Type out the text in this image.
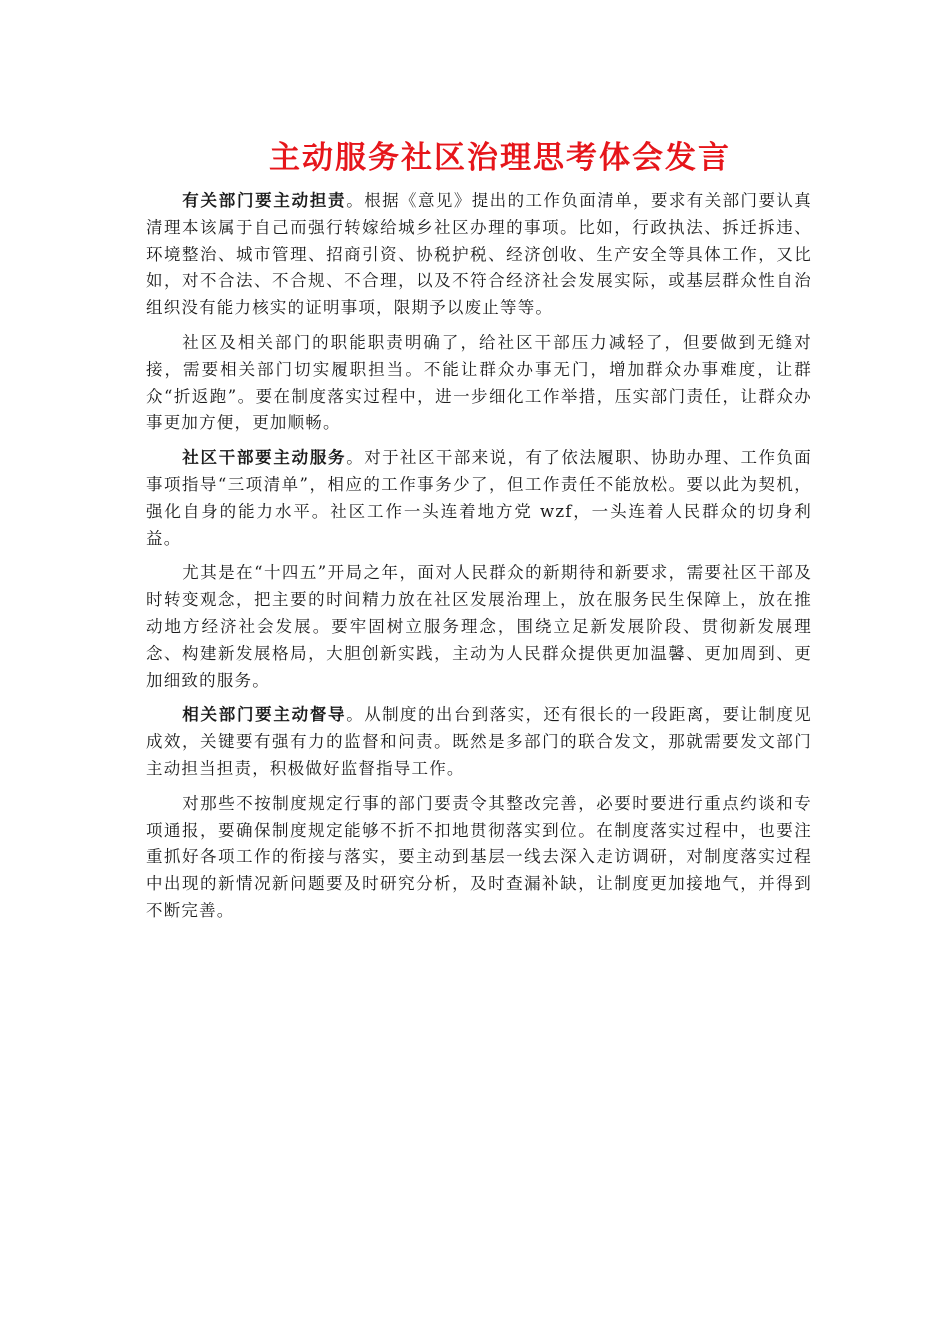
主动服务社区治理思考体会发言

有关部门要主动担责。根据《意见》提出的工作负面清单，要求有关部门要认真清理本该属于自己而强行转嫁给城乡社区办理的事项。比如，行政执法、拆迁拆违、环境整治、城市管理、招商引资、协税护税、经济创收、生产安全等具体工作，又比如，对不合法、不合规、不合理，以及不符合经济社会发展实际，或基层群众性自治组织没有能力核实的证明事项，限期予以废止等等。

社区及相关部门的职能职责明确了，给社区干部压力减轻了，但要做到无缝对接，需要相关部门切实履职担当。不能让群众办事无门，增加群众办事难度，让群众“折返跑”。要在制度落实过程中，进一步细化工作举措，压实部门责任，让群众办事更加方便，更加顺畅。

社区干部要主动服务。对于社区干部来说，有了依法履职、协助办理、工作负面事项指导“三项清单”，相应的工作事务少了，但工作责任不能放松。要以此为契机，强化自身的能力水平。社区工作一头连着地方党 wzf，一头连着人民群众的切身利益。

尤其是在“十四五”开局之年，面对人民群众的新期待和新要求，需要社区干部及时转变观念，把主要的时间精力放在社区发展治理上，放在服务民生保障上，放在推动地方经济社会发展。要牢固树立服务理念，围绕立足新发展阶段、贯彻新发展理念、构建新发展格局，大胆创新实践，主动为人民群众提供更加温馨、更加周到、更加细致的服务。

相关部门要主动督导。从制度的出台到落实，还有很长的一段距离，要让制度见成效，关键要有强有力的监督和问责。既然是多部门的联合发文，那就需要发文部门主动担当担责，积极做好监督指导工作。

对那些不按制度规定行事的部门要责令其整改完善，必要时要进行重点约谈和专项通报，要确保制度规定能够不折不扣地贯彻落实到位。在制度落实过程中，也要注重抓好各项工作的衔接与落实，要主动到基层一线去深入走访调研，对制度落实过程中出现的新情况新问题要及时研究分析，及时查漏补缺，让制度更加接地气，并得到不断完善。
